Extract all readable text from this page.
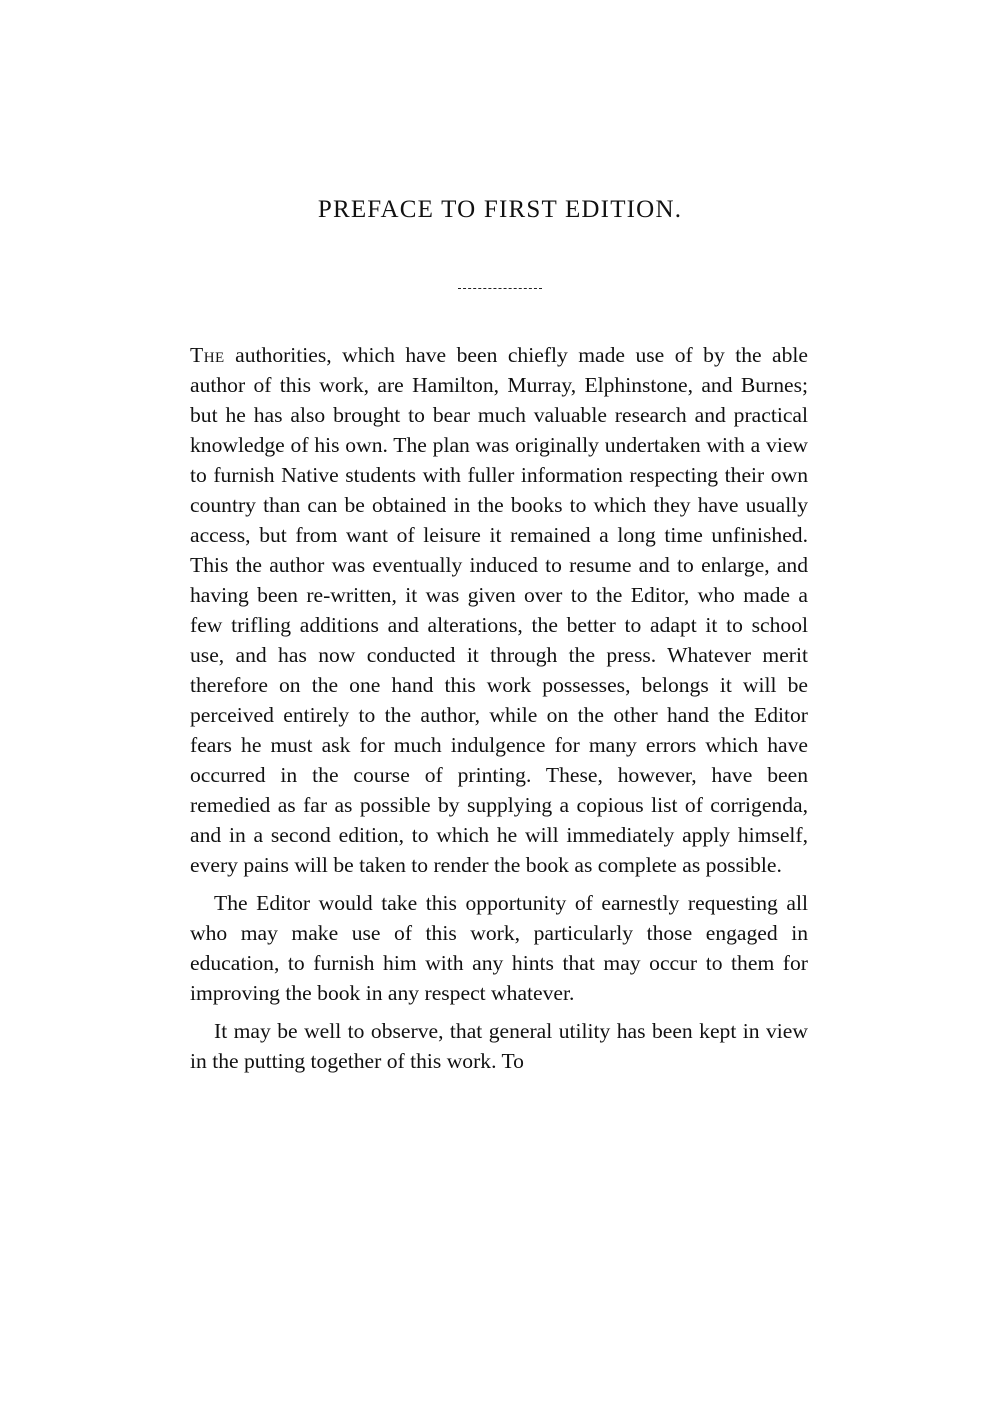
PREFACE TO FIRST EDITION.

The authorities, which have been chiefly made use of by the able author of this work, are Hamilton, Murray, Elphinstone, and Burnes; but he has also brought to bear much valuable research and practical knowledge of his own. The plan was originally undertaken with a view to furnish Native students with fuller information respecting their own country than can be obtained in the books to which they have usually access, but from want of leisure it remained a long time unfinished. This the author was eventually induced to resume and to enlarge, and having been re-written, it was given over to the Editor, who made a few trifling additions and alterations, the better to adapt it to school use, and has now conducted it through the press. Whatever merit therefore on the one hand this work possesses, belongs it will be perceived entirely to the author, while on the other hand the Editor fears he must ask for much indulgence for many errors which have occurred in the course of printing. These, however, have been remedied as far as possible by supplying a copious list of corrigenda, and in a second edition, to which he will immediately apply himself, every pains will be taken to render the book as complete as possible.

The Editor would take this opportunity of earnestly requesting all who may make use of this work, particularly those engaged in education, to furnish him with any hints that may occur to them for improving the book in any respect whatever.

It may be well to observe, that general utility has been kept in view in the putting together of this work. To
